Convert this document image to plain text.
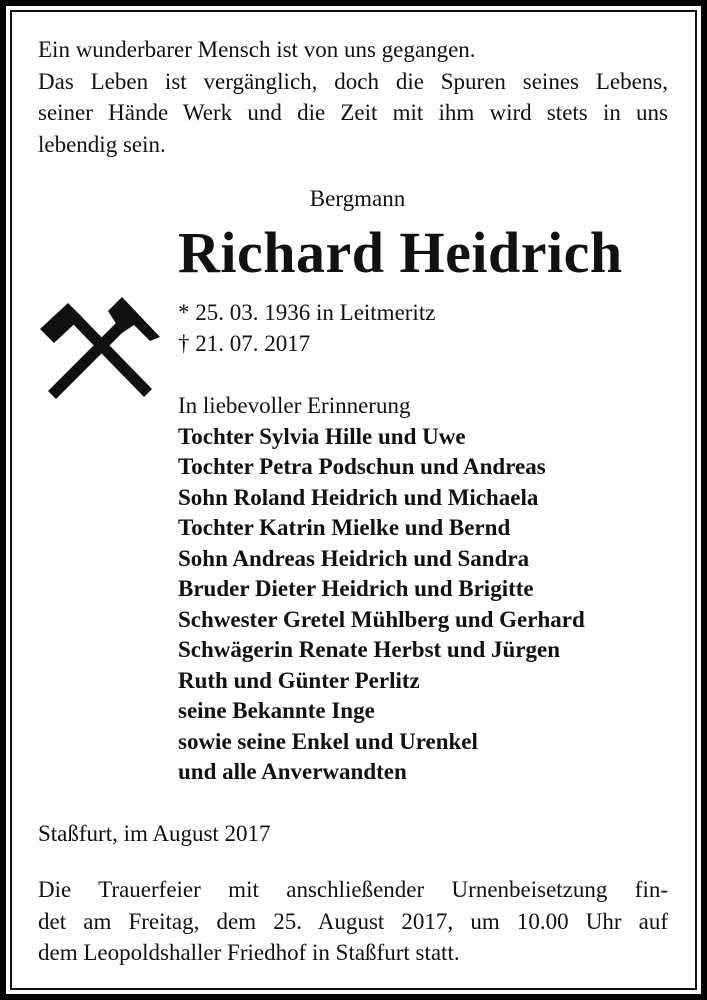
Ein wunderbarer Mensch ist von uns gegangen.
Das Leben ist vergänglich, doch die Spuren seines Lebens,
seiner Hände Werk und die Zeit mit ihm wird stets in uns
lebendig sein.
Bergmann
Richard Heidrich
* 25. 03. 1936 in Leitmeritz
† 21. 07. 2017
In liebevoller Erinnerung
Tochter Sylvia Hille und Uwe
Tochter Petra Podschun und Andreas
Sohn Roland Heidrich und Michaela
Tochter Katrin Mielke und Bernd
Sohn Andreas Heidrich und Sandra
Bruder Dieter Heidrich und Brigitte
Schwester Gretel Mühlberg und Gerhard
Schwägerin Renate Herbst und Jürgen
Ruth und Günter Perlitz
seine Bekannte Inge
sowie seine Enkel und Urenkel
und alle Anverwandten
Staßfurt, im August 2017
Die Trauerfeier mit anschließender Urnenbeisetzung fin-
det am Freitag, dem 25. August 2017, um 10.00 Uhr auf
dem Leopoldshaller Friedhof in Staßfurt statt.
